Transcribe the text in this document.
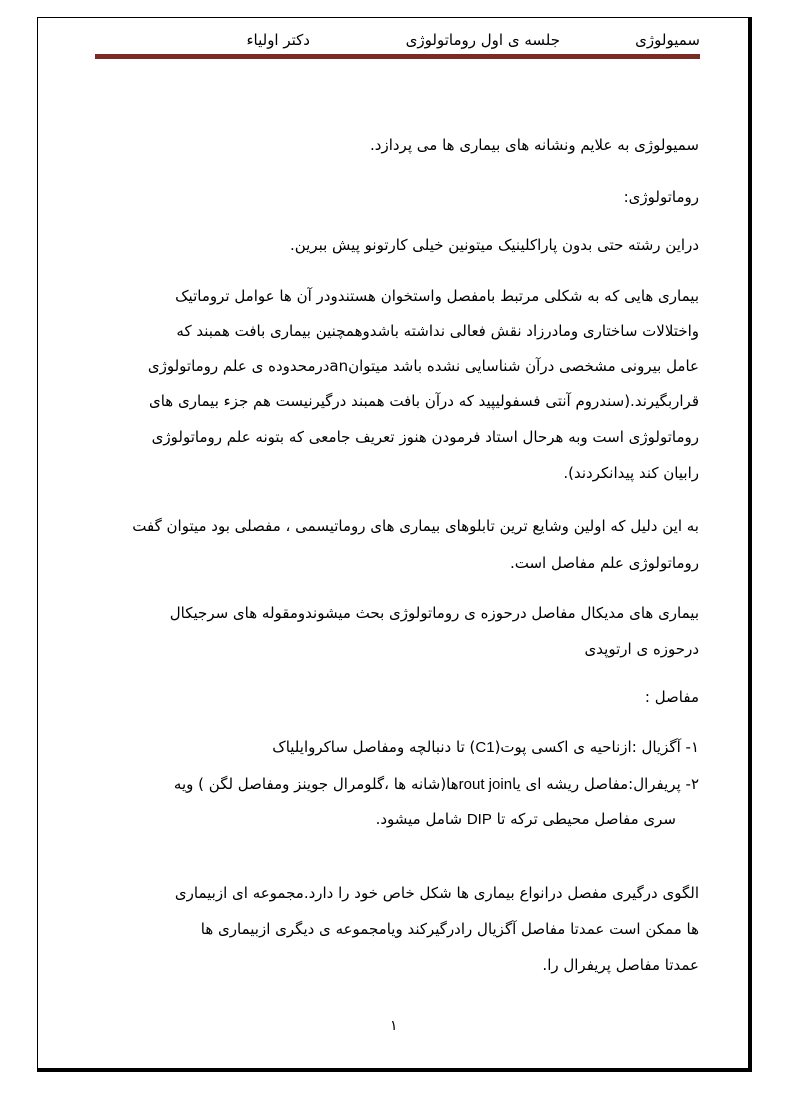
سمیولوژی
جلسه ی اول روماتولوژی
دکتر اولیاء
سمیولوژی به علایم ونشانه های بیماری ها می پردازد.
روماتولوژی:
دراین رشته حتی بدون پاراکلینیک میتونین خیلی کارتونو پیش ببرین.
بیماری هایی که به شکلی مرتبط بامفصل واستخوان هستندودر آن ها عوامل تروماتیک
واختلالات ساختاری ومادرزاد نقش فعالی نداشته باشدوهمچنین بیماری بافت همبند که
عامل بیرونی مشخصی درآن شناسایی نشده باشد میتوانanدرمحدوده ی علم روماتولوژی
قراربگیرند.(سندروم آنتی فسفولیپید که درآن بافت همبند درگیرنیست هم جزء بیماری های
روماتولوژی است وبه هرحال استاد فرمودن هنوز تعریف جامعی که بتونه علم روماتولوژی
رابیان کند پیدانکردند).
به این دلیل که اولین وشایع ترین تابلوهای بیماری های روماتیسمی ، مفصلی بود میتوان گفت
روماتولوژی علم مفاصل است.
بیماری های مدیکال مفاصل درحوزه ی روماتولوژی بحث میشوندومقوله های سرجیکال
درحوزه ی ارتوپدی
مفاصل :
۱- آگزیال :ازناحیه ی اکسی پوت(C1) تا دنبالچه ومفاصل ساکروایلیاک
۲- پریفرال:مفاصل ریشه ای یاrout joinها(شانه ها ،گلومرال جوینز ومفاصل لگن ) ویه
سری مفاصل محیطی ترکه تا DIP شامل میشود.
الگوی درگیری مفصل درانواع بیماری ها شکل خاص خود را دارد.مجموعه ای ازبیماری
ها ممکن است عمدتا مفاصل آگزیال رادرگیرکند ویامجموعه ی دیگری ازبیماری ها
عمدتا مفاصل پریفرال را.
۱
